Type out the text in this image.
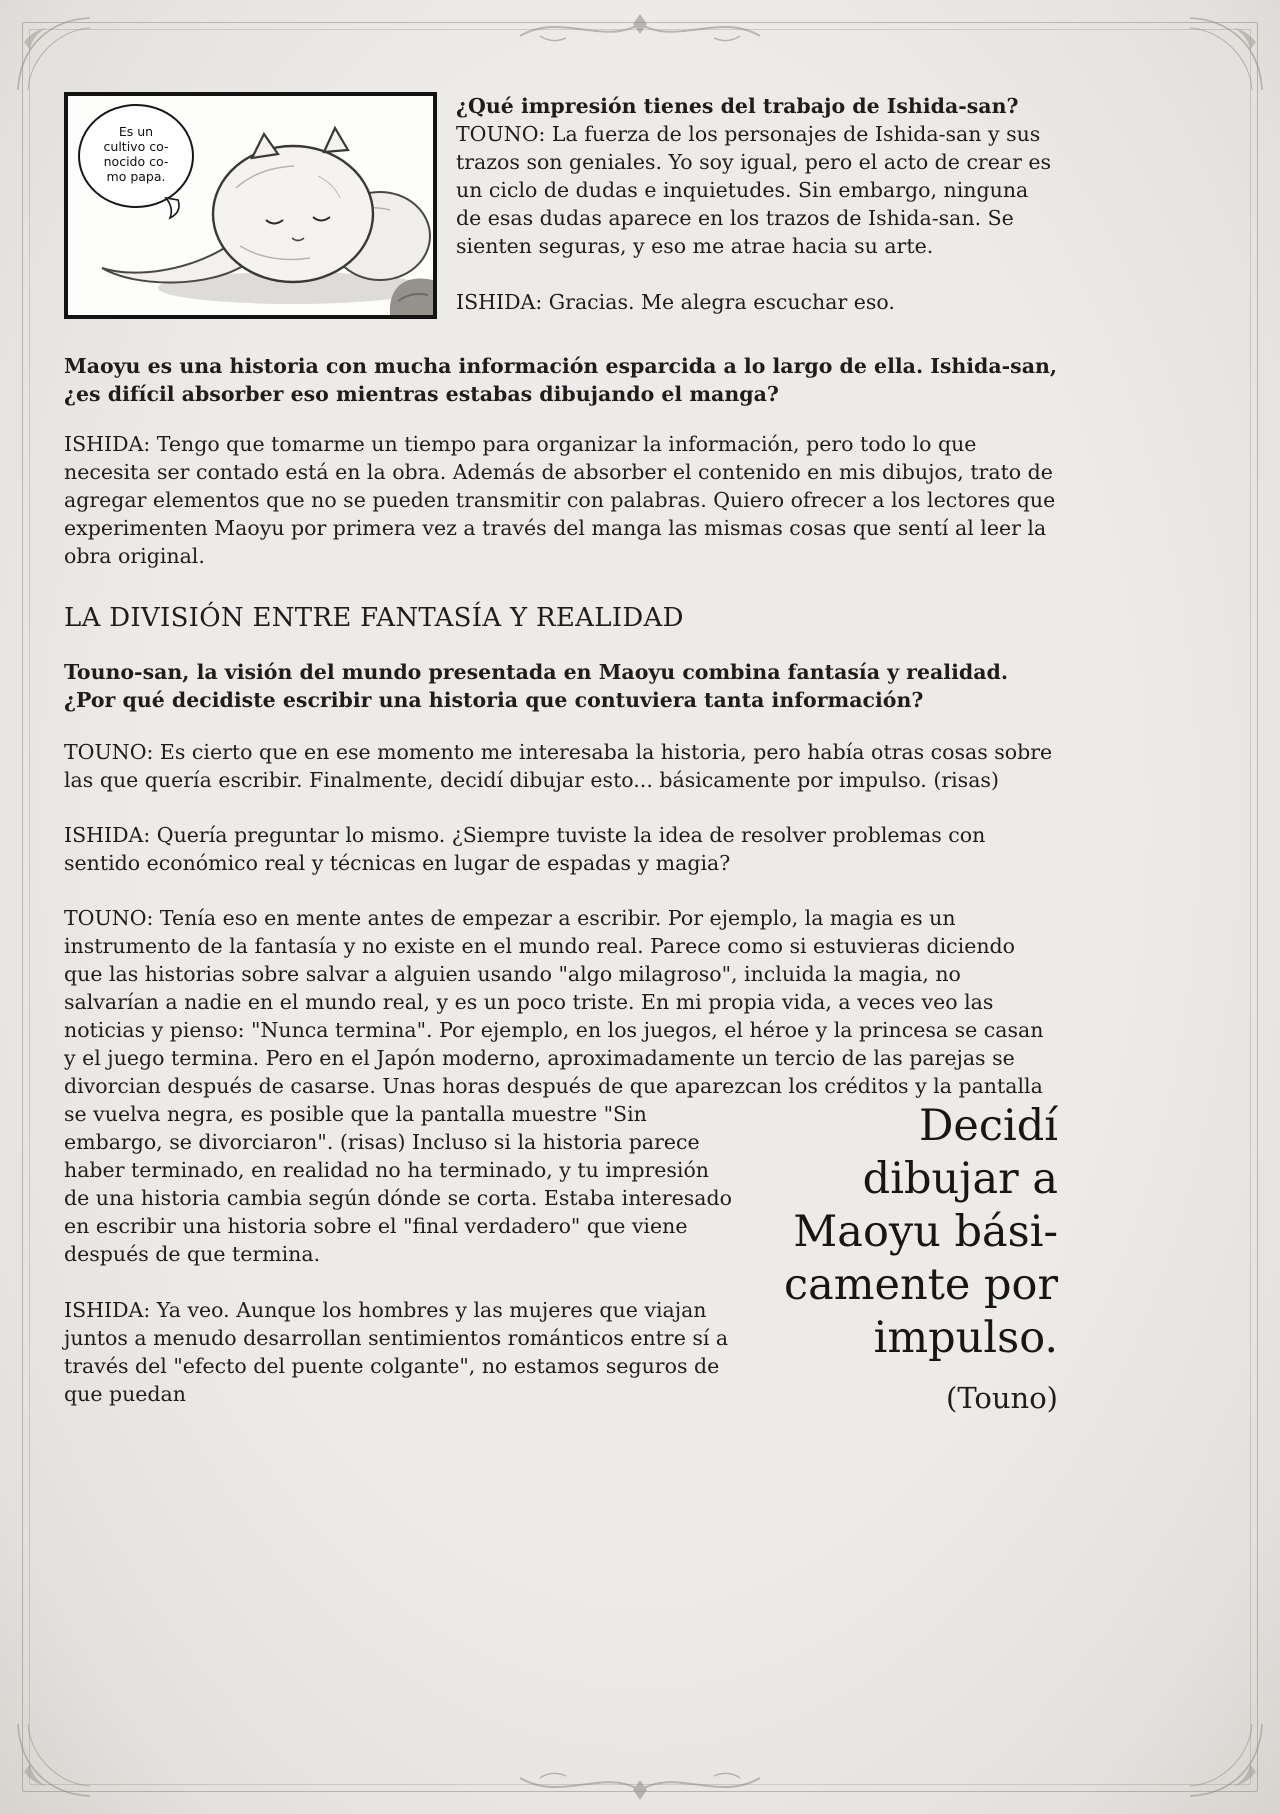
Es un
cultivo co-
nocido co-
mo papa.

¿Qué impresión tienes del trabajo de Ishida-san?

TOUNO: La fuerza de los personajes de Ishida-san y sus trazos son geniales. Yo soy igual, pero el acto de crear es un ciclo de dudas e inquietudes. Sin embargo, ninguna de esas dudas aparece en los trazos de Ishida-san. Se sienten seguras, y eso me atrae hacia su arte.

ISHIDA: Gracias. Me alegra escuchar eso.

Maoyu es una historia con mucha información esparcida a lo largo de ella. Ishida-san, ¿es difícil absorber eso mientras estabas dibujando el manga?

ISHIDA: Tengo que tomarme un tiempo para organizar la información, pero todo lo que necesita ser contado está en la obra. Además de absorber el contenido en mis dibujos, trato de agregar elementos que no se pueden transmitir con palabras. Quiero ofrecer a los lectores que experimenten Maoyu por primera vez a través del manga las mismas cosas que sentí al leer la obra original.

LA DIVISIÓN ENTRE FANTASÍA Y REALIDAD

Touno-san, la visión del mundo presentada en Maoyu combina fantasía y realidad. ¿Por qué decidiste escribir una historia que contuviera tanta información?

TOUNO: Es cierto que en ese momento me interesaba la historia, pero había otras cosas sobre las que quería escribir. Finalmente, decidí dibujar esto... básicamente por impulso. (risas)

ISHIDA: Quería preguntar lo mismo. ¿Siempre tuviste la idea de resolver problemas con sentido económico real y técnicas en lugar de espadas y magia?

Decidí
dibujar a
Maoyu bási-
camente por
impulso.
(Touno)

TOUNO: Tenía eso en mente antes de empezar a escribir. Por ejemplo, la magia es un instrumento de la fantasía y no existe en el mundo real. Parece como si estuvieras diciendo que las historias sobre salvar a alguien usando "algo milagroso", incluida la magia, no salvarían a nadie en el mundo real, y es un poco triste. En mi propia vida, a veces veo las noticias y pienso: "Nunca termina". Por ejemplo, en los juegos, el héroe y la princesa se casan y el juego termina. Pero en el Japón moderno, aproximadamente un tercio de las parejas se divorcian después de casarse. Unas horas después de que aparezcan los créditos y la pantalla se vuelva negra, es posible que la pantalla muestre "Sin embargo, se divorciaron". (risas) Incluso si la historia parece haber terminado, en realidad no ha terminado, y tu impresión de una historia cambia según dónde se corta. Estaba interesado en escribir una historia sobre el "final verdadero" que viene después de que termina.

ISHIDA: Ya veo. Aunque los hombres y las mujeres que viajan juntos a menudo desarrollan sentimientos románticos entre sí a través del "efecto del puente colgante", no estamos seguros de que puedan
